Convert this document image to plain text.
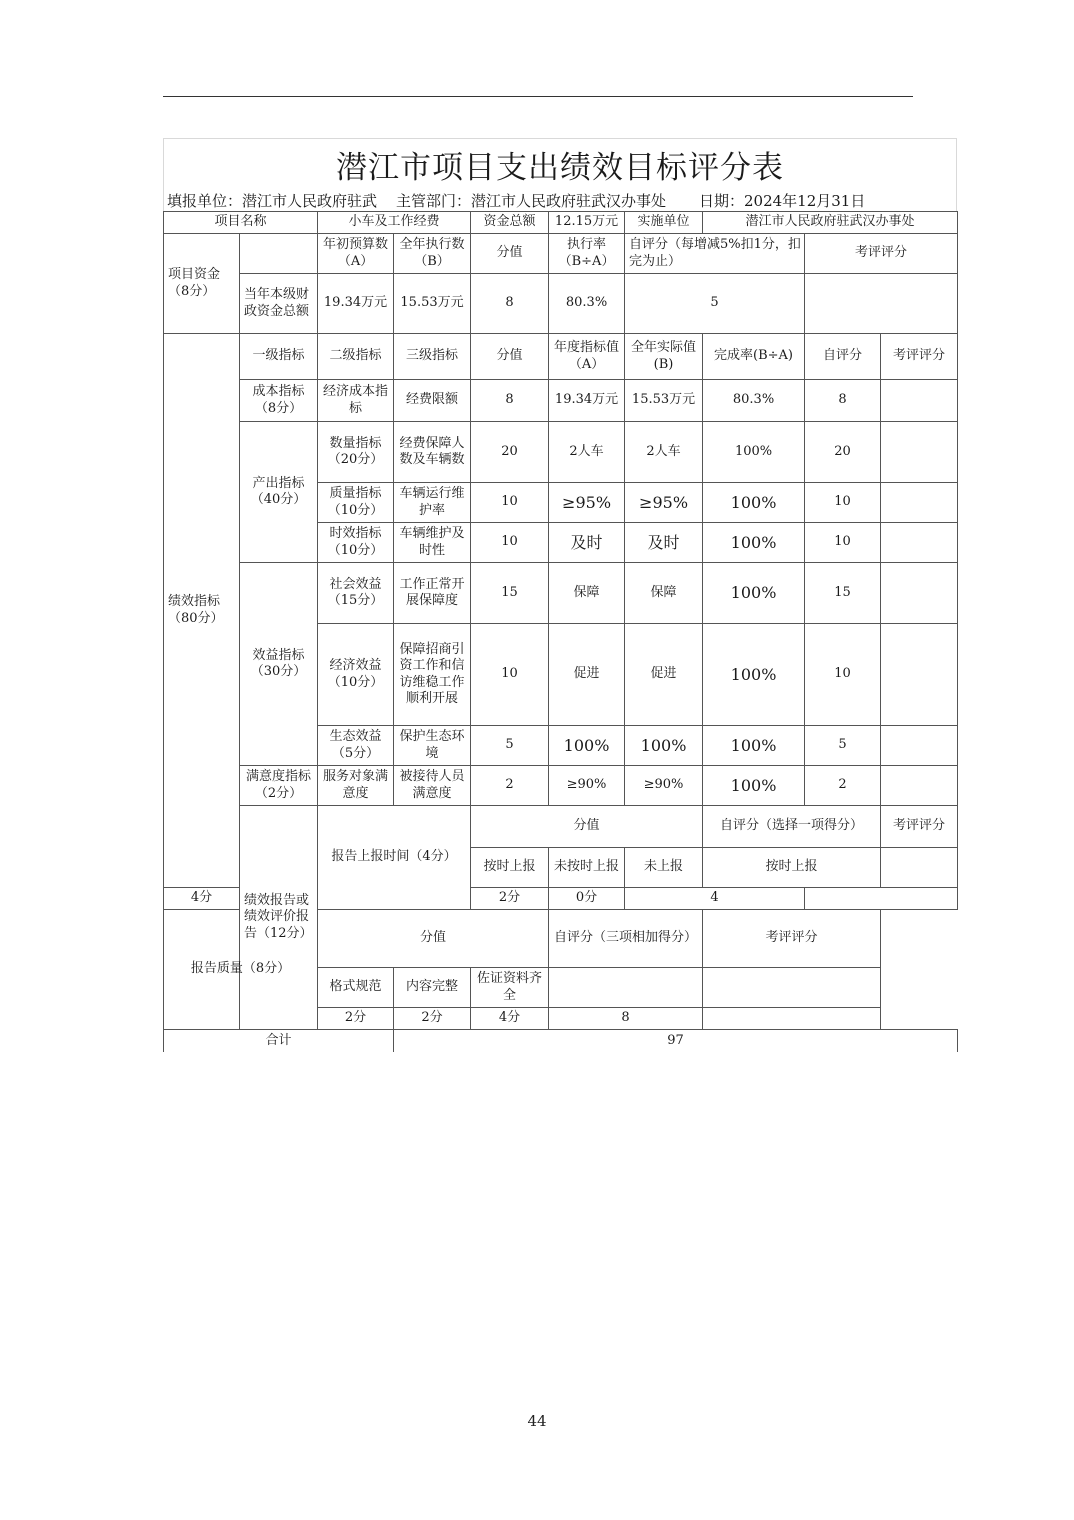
潜江市项目支出绩效目标评分表
填报单位：潜江市人民政府驻武 主管部门：潜江市人民政府驻武汉办事处 日期：2024年12月31日
项目名称		小车及工作经费		资金总额	12.15万元	实施单位	潜江市人民政府驻武汉办事处			
项目资金（8分）		年初预算数（A）	全年执行数（B）	分值	执行率（B÷A）	自评分（每增减5%扣1分，扣完为止）		考评评分		
	当年本级财政资金总额	19.34万元	15.53万元	8	80.3%	5				
绩效指标（80分）	一级指标	二级指标	三级指标	分值	年度指标值（A）	全年实际值(B)	完成率(B÷A)	自评分	考评评分	
	成本指标（8分）	经济成本指标	经费限额	8	19.34万元	15.53万元	80.3%	8		
	产出指标（40分）	数量指标（20分）	经费保障人数及车辆数	20	2人车	2人车	100%	20		
		质量指标（10分）	车辆运行维护率	10	≥95%	≥95%	100%	10		
		时效指标（10分）	车辆维护及时性	10	及时	及时	100%	10		
	效益指标（30分）	社会效益（15分）	工作正常开展保障度	15	保障	保障	100%	15		
		经济效益（10分）	保障招商引资工作和信访维稳工作顺利开展	10	促进	促进	100%	10		
		生态效益（5分）	保护生态环境	5	100%	100%	100%	5		
	满意度指标（2分）	服务对象满意度	被接待人员满意度	2	≥90%	≥90%	100%	2		
	绩效报告或绩效评价报告（12分）	报告上报时间（4分）		分值			自评分（选择一项得分）		考评评分	
				按时上报	未按时上报	未上报	按时上报			
4分				2分	0分	4				
报告质量（8分）		分值			自评分（三项相加得分）		考评评分			
		格式规范	内容完整	佐证资料齐全						
		2分	2分	4分	8					
合计			97							
44
